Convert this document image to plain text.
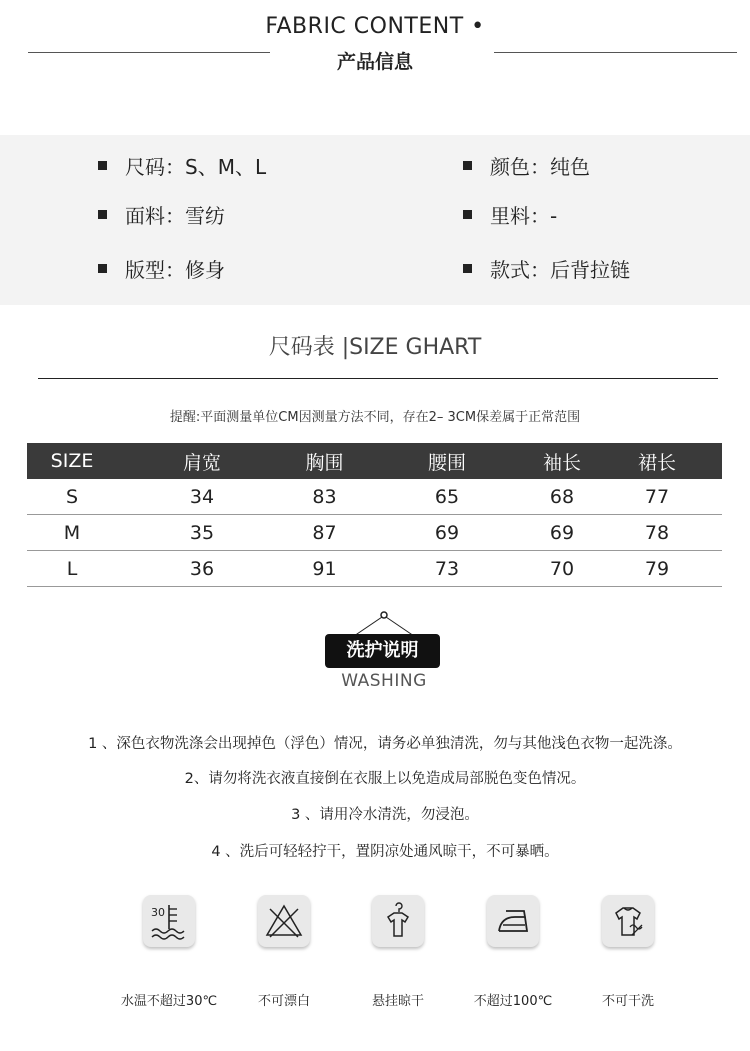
FABRIC CONTENT •
产品信息
尺码：S、M、L	颜色：纯色
面料：雪纺	里料：-
版型：修身	款式：后背拉链
尺码表 |SIZE GHART
提醒:平面测量单位CM因测量方法不同，存在2– 3CM保差属于正常范围
SIZE	肩宽	胸围	腰围	袖长	裙长
S	34	83	65	68	77
M	35	87	69	69	78
L	36	91	73	70	79
洗护说明
WASHING
1 、深色衣物洗涤会出现掉色（浮色）情况，请务必单独清洗，勿与其他浅色衣物一起洗涤。
2、请勿将洗衣液直接倒在衣服上以免造成局部脱色变色情况。
3 、请用冷水清洗，勿浸泡。
4 、洗后可轻轻拧干，置阴凉处通风晾干，不可暴晒。
30
水温不超过30℃	不可漂白	悬挂晾干	不超过100℃	不可干洗
